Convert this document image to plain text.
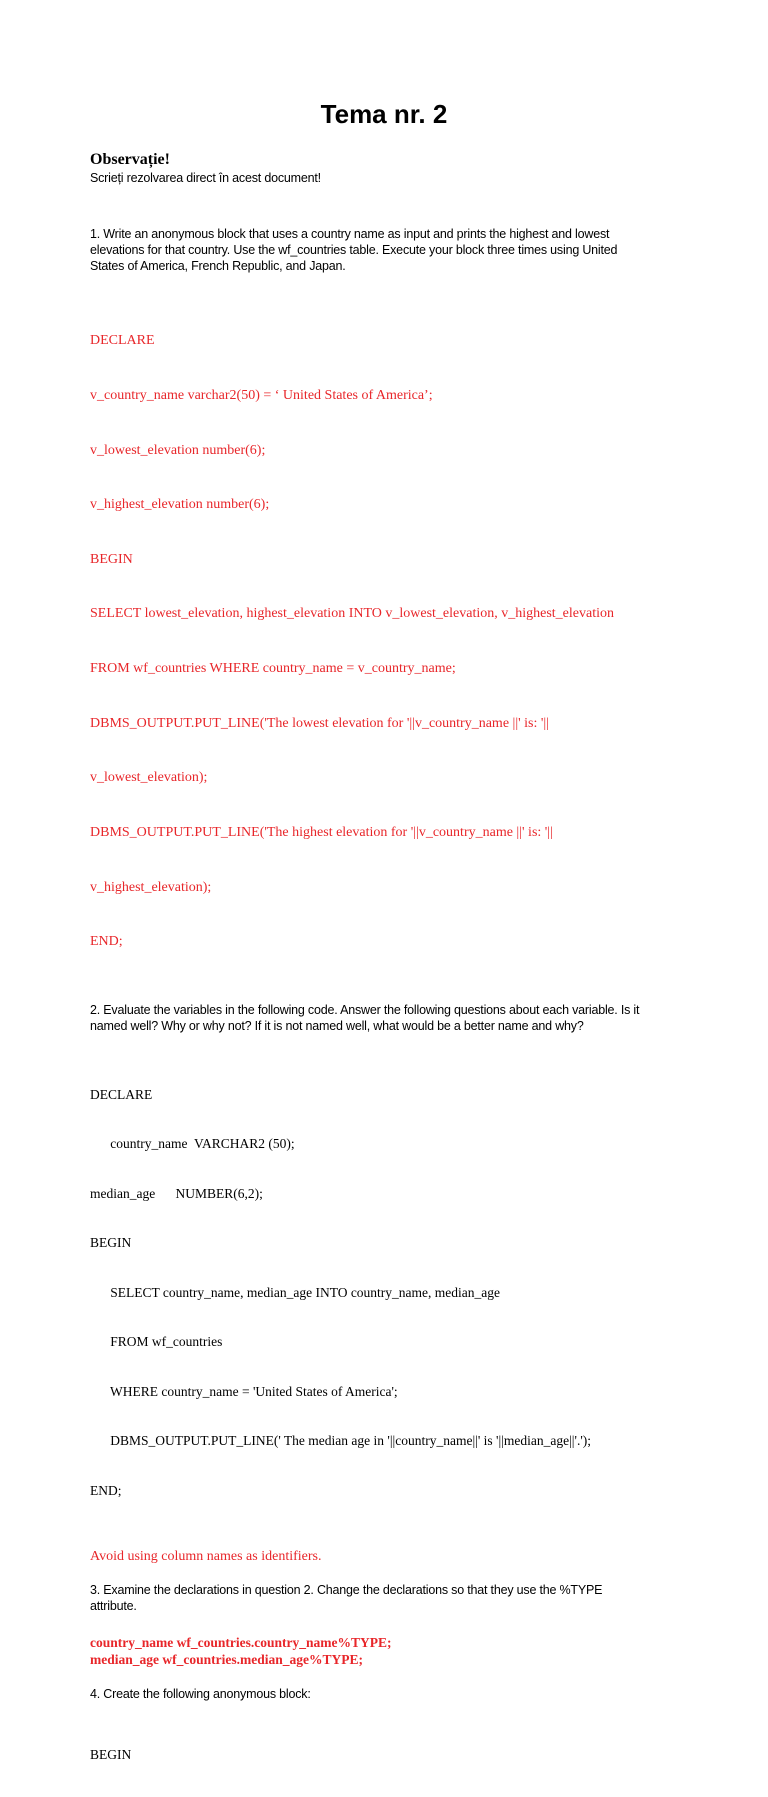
Tema nr. 2

Observație!

Scrieți rezolvarea direct în acest document!

1. Write an anonymous block that uses a country name as input and prints the highest and lowest elevations for that country. Use the wf_countries table. Execute your block three times using United States of America, French Republic, and Japan.

DECLARE

v_country_name varchar2(50) = ‘ United States of America’;

v_lowest_elevation number(6);

v_highest_elevation number(6);

BEGIN

SELECT lowest_elevation, highest_elevation INTO v_lowest_elevation, v_highest_elevation

FROM wf_countries WHERE country_name = v_country_name;

DBMS_OUTPUT.PUT_LINE('The lowest elevation for '||v_country_name ||' is: '||

v_lowest_elevation);

DBMS_OUTPUT.PUT_LINE('The highest elevation for '||v_country_name ||' is: '||

v_highest_elevation);

END;

2. Evaluate the variables in the following code. Answer the following questions about each variable. Is it named well? Why or why not? If it is not named well, what would be a better name and why?

DECLARE

country_name  VARCHAR2 (50);

median_age      NUMBER(6,2);

BEGIN

SELECT country_name, median_age INTO country_name, median_age

FROM wf_countries

WHERE country_name = 'United States of America';

DBMS_OUTPUT.PUT_LINE(' The median age in '||country_name||' is '||median_age||'.');

END;

Avoid using column names as identifiers.

3. Examine the declarations in question 2. Change the declarations so that they use the %TYPE attribute.

country_name wf_countries.country_name%TYPE;
median_age wf_countries.median_age%TYPE;

4. Create the following anonymous block:

BEGIN
